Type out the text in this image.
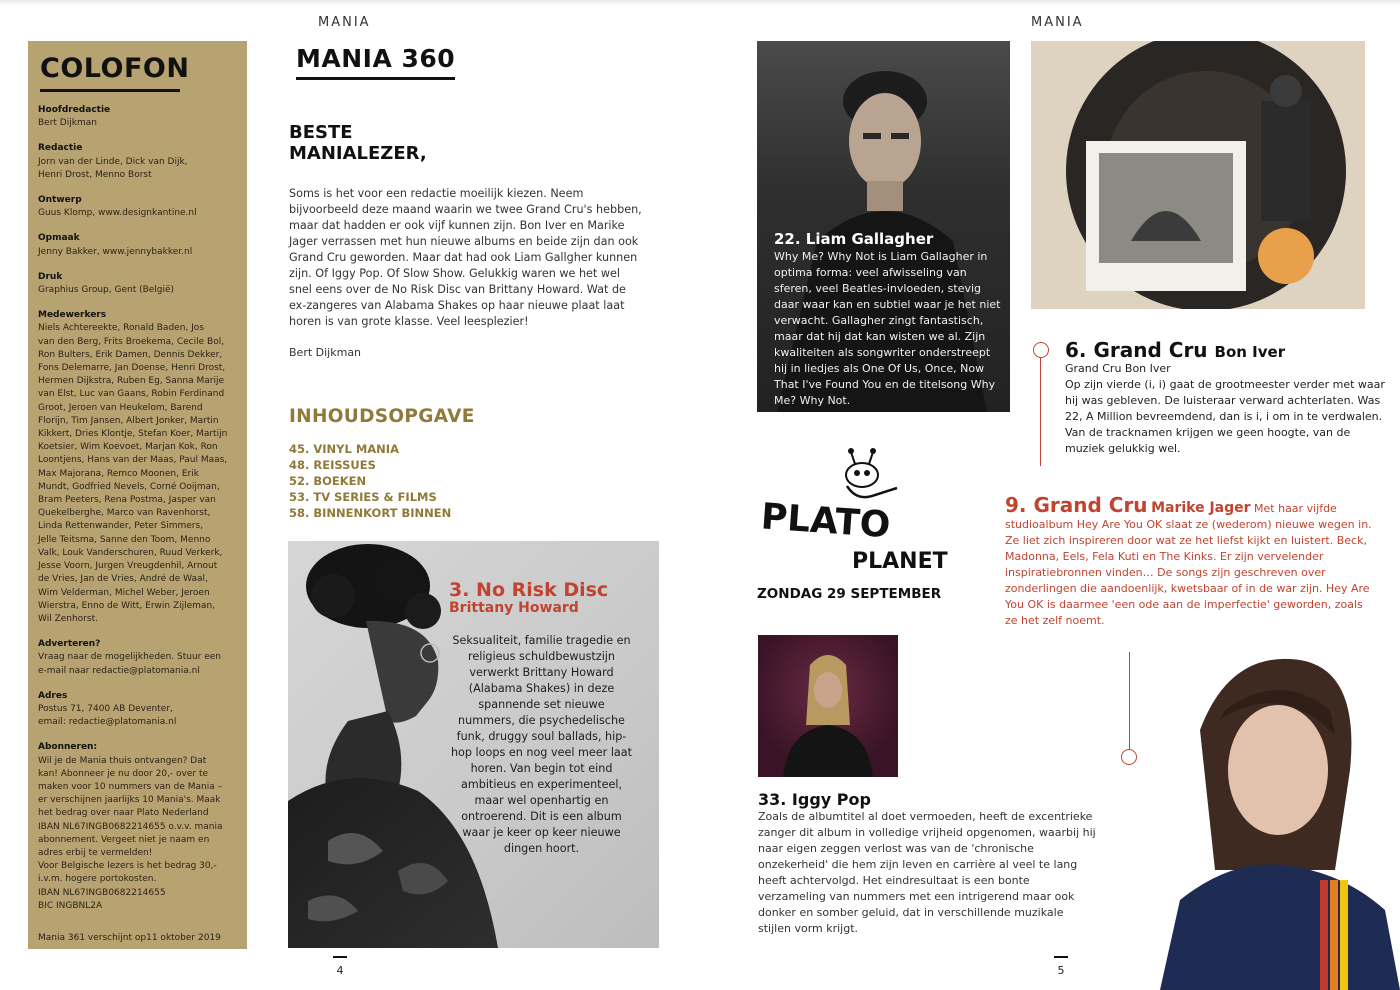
MANIA	MANIA
COLOFON
Hoofdredactie
Bert Dijkman
Redactie
Jorn van der Linde, Dick van Dijk,
Henri Drost, Menno Borst
Ontwerp
Guus Klomp, www.designkantine.nl
Opmaak
Jenny Bakker, www.jennybakker.nl
Druk
Graphius Group, Gent (België)
Medewerkers
Niels Achtereekte, Ronald Baden, Jos
van den Berg, Frits Broekema, Cecile Bol,
Ron Bulters, Erik Damen, Dennis Dekker,
Fons Delemarre, Jan Doense, Henri Drost,
Hermen Dijkstra, Ruben Eg, Sanna Marije
van Elst, Luc van Gaans, Robin Ferdinand
Groot, Jeroen van Heukelom, Barend
Florijn, Tim Jansen, Albert Jonker, Martin
Kikkert, Dries Klontje, Stefan Koer, Martijn
Koetsier, Wim Koevoet, Marjan Kok, Ron
Loontjens, Hans van der Maas, Paul Maas,
Max Majorana, Remco Moonen, Erik
Mundt, Godfried Nevels, Corné Ooijman,
Bram Peeters, Rena Postma, Jasper van
Quekelberghe, Marco van Ravenhorst,
Linda Rettenwander, Peter Simmers,
Jelle Teitsma, Sanne den Toom, Menno
Valk, Louk Vanderschuren, Ruud Verkerk,
Jesse Voorn, Jurgen Vreugdenhil, Arnout
de Vries, Jan de Vries, André de Waal,
Wim Velderman, Michel Weber, Jeroen
Wierstra, Enno de Witt, Erwin Zijleman,
Wil Zenhorst.
Adverteren?
Vraag naar de mogelijkheden. Stuur een
e-mail naar redactie@platomania.nl
Adres
Postus 71, 7400 AB Deventer,
email: redactie@platomania.nl
Abonneren:
Wil je de Mania thuis ontvangen? Dat
kan! Abonneer je nu door 20,- over te
maken voor 10 nummers van de Mania –
er verschijnen jaarlijks 10 Mania's. Maak
het bedrag over naar Plato Nederland
IBAN NL67INGB0682214655 o.v.v. mania
abonnement. Vergeet niet je naam en
adres erbij te vermelden!
Voor Belgische lezers is het bedrag 30,-
i.v.m. hogere portokosten.
IBAN NL67INGB0682214655
BIC INGBNL2A
Mania 361 verschijnt op11 oktober 2019
MANIA 360
BESTE
MANIALEZER,
Soms is het voor een redactie moeilijk kiezen. Neem bijvoorbeeld deze maand waarin we twee Grand Cru's hebben, maar dat hadden er ook vijf kunnen zijn. Bon Iver en Marike Jager verrassen met hun nieuwe albums en beide zijn dan ook Grand Cru geworden. Maar dat had ook Liam Gallgher kunnen zijn. Of Iggy Pop. Of Slow Show. Gelukkig waren we het wel snel eens over de No Risk Disc van Brittany Howard. Wat de ex-zangeres van Alabama Shakes op haar nieuwe plaat laat horen is van grote klasse. Veel leesplezier!
Bert Dijkman
INHOUDSOPGAVE
45. VINYL MANIA
48. REISSUES
52. BOEKEN
53. TV SERIES & FILMS
58. BINNENKORT BINNEN
3. No Risk Disc
Brittany Howard
Seksualiteit, familie tragedie en religieus schuldbewustzijn verwerkt Brittany Howard (Alabama Shakes) in deze spannende set nieuwe nummers, die psychedelische funk, druggy soul ballads, hip-hop loops en nog veel meer laat horen. Van begin tot eind ambitieus en experimenteel, maar wel openhartig en ontroerend. Dit is een album waar je keer op keer nieuwe dingen hoort.
4
22. Liam Gallagher
Why Me? Why Not is Liam Gallagher in optima forma: veel afwisseling van sferen, veel Beatles-invloeden, stevig daar waar kan en subtiel waar je het niet verwacht. Gallagher zingt fantastisch, maar dat hij dat kan wisten we al. Zijn kwaliteiten als songwriter onderstreept hij in liedjes als One Of Us, Once, Now That I've Found You en de titelsong Why Me? Why Not.
6. Grand Cru Bon Iver
Grand Cru Bon Iver
Op zijn vierde (i, i) gaat de grootmeester verder met waar hij was gebleven. De luisteraar verward achterlaten. Was 22, A Million bevreemdend, dan is i, i om in te verdwalen. Van de tracknamen krijgen we geen hoogte, van de muziek gelukkig wel.
PLATO
PLANET
ZONDAG 29 SEPTEMBER
9. Grand Cru Marike Jager Met haar vijfde studioalbum Hey Are You OK slaat ze (wederom) nieuwe wegen in. Ze liet zich inspireren door wat ze het liefst kijkt en luistert. Beck, Madonna, Eels, Fela Kuti en The Kinks. Er zijn vervelender inspiratiebronnen vinden… De songs zijn geschreven over zonderlingen die aandoenlijk, kwetsbaar of in de war zijn. Hey Are You OK is daarmee 'een ode aan de imperfectie' geworden, zoals ze het zelf noemt.
33. Iggy Pop
Zoals de albumtitel al doet vermoeden, heeft de excentrieke zanger dit album in volledige vrijheid opgenomen, waarbij hij naar eigen zeggen verlost was van de 'chronische onzekerheid' die hem zijn leven en carrière al veel te lang heeft achtervolgd. Het eindresultaat is een bonte verzameling van nummers met een intrigerend maar ook donker en somber geluid, dat in verschillende muzikale stijlen vorm krijgt.
5
